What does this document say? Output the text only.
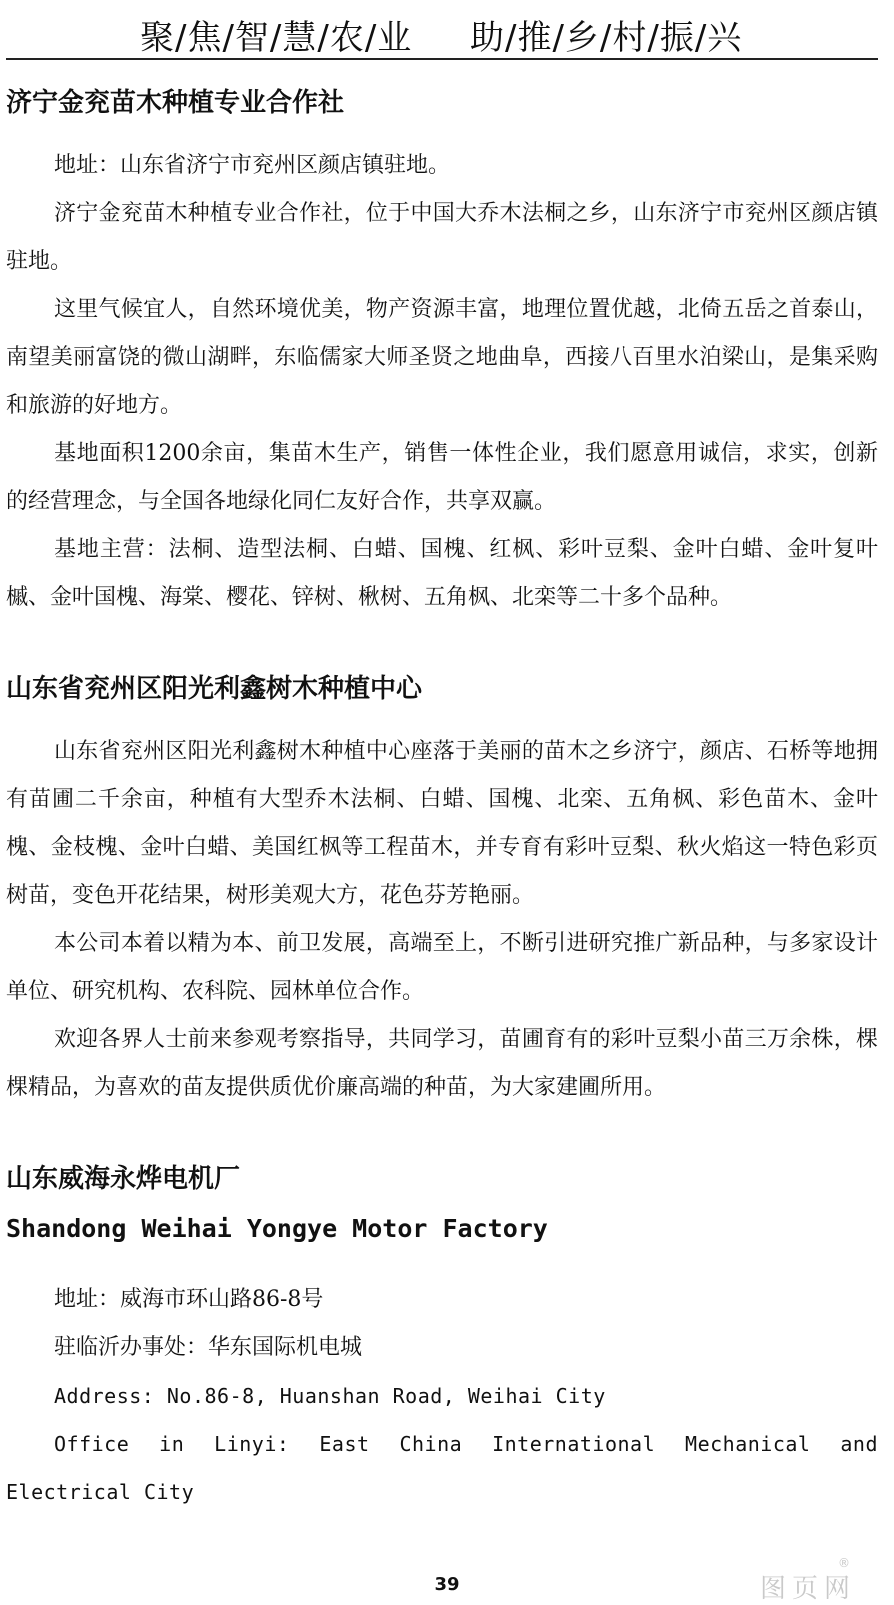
聚/焦/智/慧/农/业 助/推/乡/村/振/兴
济宁金兖苗木种植专业合作社

地址：山东省济宁市兖州区颜店镇驻地。

济宁金兖苗木种植专业合作社，位于中国大乔木法桐之乡，山东济宁市兖州区颜店镇驻地。

这里气候宜人，自然环境优美，物产资源丰富，地理位置优越，北倚五岳之首泰山，南望美丽富饶的微山湖畔，东临儒家大师圣贤之地曲阜，西接八百里水泊梁山，是集采购和旅游的好地方。

基地面积1200余亩，集苗木生产，销售一体性企业，我们愿意用诚信，求实，创新的经营理念，与全国各地绿化同仁友好合作，共享双赢。

基地主营：法桐、造型法桐、白蜡、国槐、红枫、彩叶豆梨、金叶白蜡、金叶复叶槭、金叶国槐、海棠、樱花、锌树、楸树、五角枫、北栾等二十多个品种。

山东省兖州区阳光利鑫树木种植中心

山东省兖州区阳光利鑫树木种植中心座落于美丽的苗木之乡济宁，颜店、石桥等地拥有苗圃二千余亩，种植有大型乔木法桐、白蜡、国槐、北栾、五角枫、彩色苗木、金叶槐、金枝槐、金叶白蜡、美国红枫等工程苗木，并专育有彩叶豆梨、秋火焰这一特色彩页树苗，变色开花结果，树形美观大方，花色芬芳艳丽。

本公司本着以精为本、前卫发展，高端至上，不断引进研究推广新品种，与多家设计单位、研究机构、农科院、园林单位合作。

欢迎各界人士前来参观考察指导，共同学习，苗圃育有的彩叶豆梨小苗三万余株，棵棵精品，为喜欢的苗友提供质优价廉高端的种苗，为大家建圃所用。

山东威海永烨电机厂
Shandong Weihai Yongye Motor Factory

地址：威海市环山路86-8号

驻临沂办事处：华东国际机电城

Address: No.86-8, Huanshan Road, Weihai City

Office in Linyi: East China International Mechanical and Electrical City

39	图页网
®
